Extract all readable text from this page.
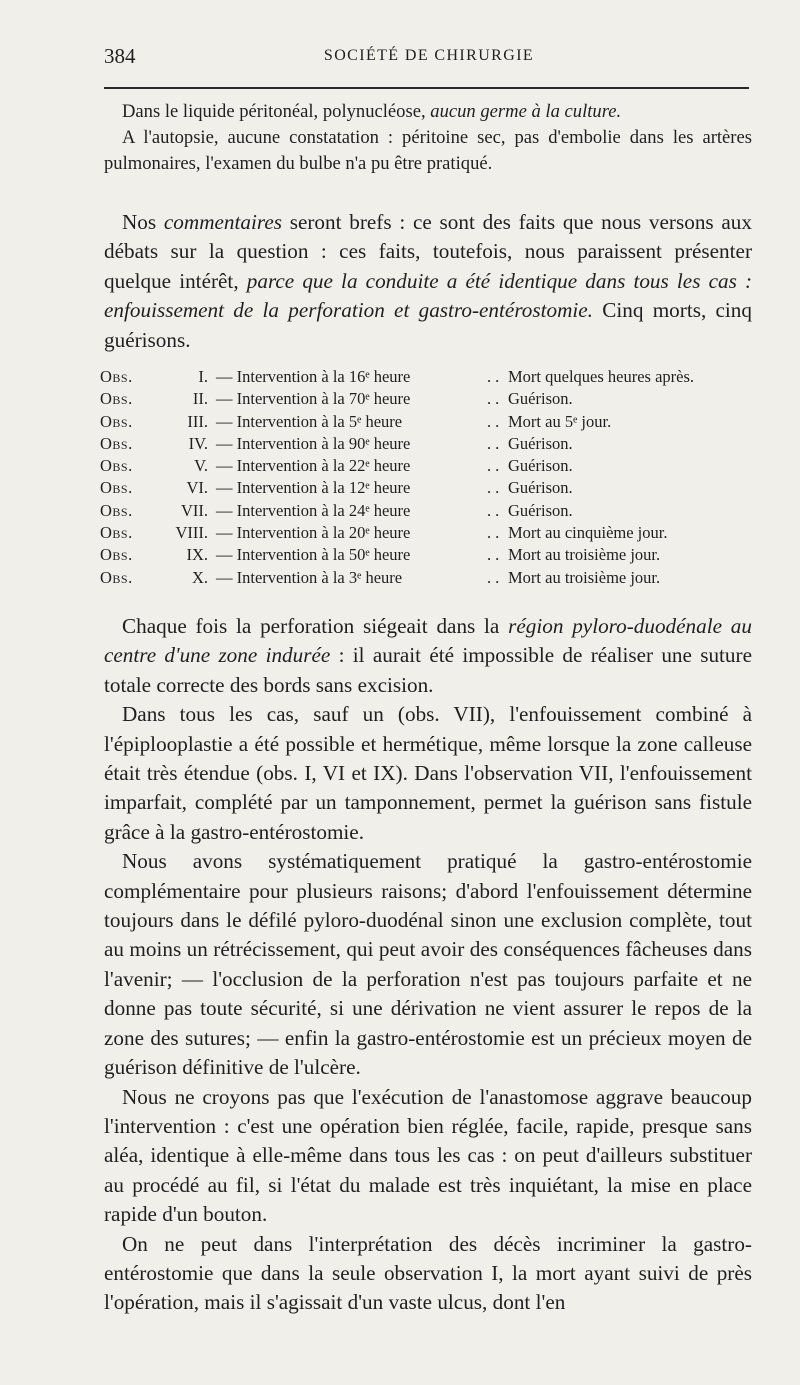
384	SOCIÉTÉ DE CHIRURGIE

Dans le liquide péritonéal, polynucléose, aucun germe à la culture.

A l'autopsie, aucune constatation : péritoine sec, pas d'embolie dans les artères pulmonaires, l'examen du bulbe n'a pu être pratiqué.

Nos commentaires seront brefs : ce sont des faits que nous versons aux débats sur la question : ces faits, toutefois, nous paraissent présenter quelque intérêt, parce que la conduite a été identique dans tous les cas : enfouissement de la perforation et gastro-entérostomie. Cinq morts, cinq guérisons.

Obs.	I. — Intervention à la 16ᵉ heure	.. Mort quelques heures après.
Obs.	II. — Intervention à la 70ᵉ heure	.. Guérison.
Obs.	III. — Intervention à la 5ᵉ heure	.. Mort au 5ᵉ jour.
Obs.	IV. — Intervention à la 90ᵉ heure	.. Guérison.
Obs.	V. — Intervention à la 22ᵉ heure	.. Guérison.
Obs.	VI. — Intervention à la 12ᵉ heure	.. Guérison.
Obs.	VII. — Intervention à la 24ᵉ heure	.. Guérison.
Obs.	VIII. — Intervention à la 20ᵉ heure	.. Mort au cinquième jour.
Obs.	IX. — Intervention à la 50ᵉ heure	.. Mort au troisième jour.
Obs.	X. — Intervention à la 3ᵉ heure	.. Mort au troisième jour.

Chaque fois la perforation siégeait dans la région pyloro-duodénale au centre d'une zone indurée : il aurait été impossible de réaliser une suture totale correcte des bords sans excision.

Dans tous les cas, sauf un (obs. VII), l'enfouissement combiné à l'épiplooplastie a été possible et hermétique, même lorsque la zone calleuse était très étendue (obs. I, VI et IX). Dans l'observation VII, l'enfouissement imparfait, complété par un tamponnement, permet la guérison sans fistule grâce à la gastro-entérostomie.

Nous avons systématiquement pratiqué la gastro-entérostomie complémentaire pour plusieurs raisons; d'abord l'enfouissement détermine toujours dans le défilé pyloro-duodénal sinon une exclusion complète, tout au moins un rétrécissement, qui peut avoir des conséquences fâcheuses dans l'avenir; — l'occlusion de la perforation n'est pas toujours parfaite et ne donne pas toute sécurité, si une dérivation ne vient assurer le repos de la zone des sutures; — enfin la gastro-entérostomie est un précieux moyen de guérison définitive de l'ulcère.

Nous ne croyons pas que l'exécution de l'anastomose aggrave beaucoup l'intervention : c'est une opération bien réglée, facile, rapide, presque sans aléa, identique à elle-même dans tous les cas : on peut d'ailleurs substituer au procédé au fil, si l'état du malade est très inquiétant, la mise en place rapide d'un bouton.

On ne peut dans l'interprétation des décès incriminer la gastro-entérostomie que dans la seule observation I, la mort ayant suivi de près l'opération, mais il s'agissait d'un vaste ulcus, dont l'en
